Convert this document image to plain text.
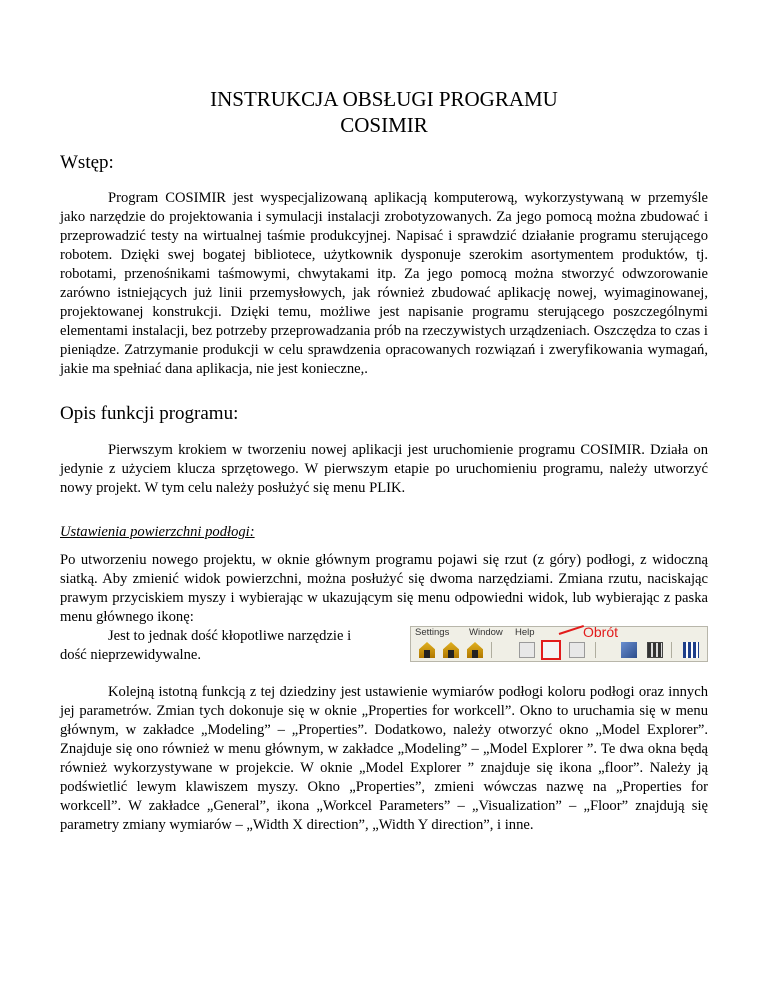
INSTRUKCJA OBSŁUGI PROGRAMU
COSIMIR
Wstęp:

Program COSIMIR jest wyspecjalizowaną aplikacją komputerową, wykorzystywaną w przemyśle jako narzędzie do projektowania i symulacji instalacji zrobotyzowanych. Za jego pomocą można zbudować i przeprowadzić testy na wirtualnej taśmie produkcyjnej. Napisać i sprawdzić działanie programu sterującego robotem. Dzięki swej bogatej bibliotece, użytkownik dysponuje szerokim asortymentem produktów, tj. robotami, przenośnikami taśmowymi, chwytakami itp. Za jego pomocą można stworzyć odwzorowanie zarówno istniejących już linii przemysłowych, jak również zbudować aplikację nowej, wyimaginowanej, projektowanej konstrukcji. Dzięki temu, możliwe jest napisanie programu sterującego poszczególnymi elementami instalacji, bez potrzeby przeprowadzania prób na rzeczywistych urządzeniach. Oszczędza to czas i pieniądze. Zatrzymanie produkcji w celu sprawdzenia opracowanych rozwiązań i zweryfikowania wymagań, jakie ma spełniać dana aplikacja, nie jest konieczne,.

Opis funkcji programu:

Pierwszym krokiem w tworzeniu nowej aplikacji jest uruchomienie programu COSIMIR. Działa on jedynie z użyciem klucza sprzętowego. W pierwszym etapie po uruchomieniu programu, należy utworzyć nowy projekt. W tym celu należy posłużyć się menu PLIK.

Ustawienia powierzchni podłogi:

Po utworzeniu nowego projektu, w oknie głównym programu pojawi się rzut (z góry) podłogi, z widoczną siatką. Aby zmienić widok powierzchni, można posłużyć się dwoma narzędziami. Zmiana rzutu, naciskając prawym przyciskiem myszy i wybierając w ukazującym się menu odpowiedni widok, lub wybierając z paska menu głównego ikonę:

Jest to jednak dość kłopotliwe narzędzie i
dość nieprzewidywalne.
Settings Window Help	Obrót

Kolejną istotną funkcją z tej dziedziny jest ustawienie wymiarów podłogi koloru podłogi oraz innych jej parametrów. Zmian tych dokonuje się w oknie „Properties for workcell”. Okno to uruchamia się w menu głównym, w zakładce „Modeling” – „Properties”. Dodatkowo, należy otworzyć okno „Model Explorer”. Znajduje się ono również w menu głównym, w zakładce „Modeling” – „Model Explorer ”. Te dwa okna będą również wykorzystywane w projekcie. W oknie „Model Explorer ” znajduje się ikona „floor”. Należy ją podświetlić lewym klawiszem myszy. Okno „Properties”, zmieni wówczas nazwę na „Properties for workcell”. W zakładce „General”, ikona „Workcel Parameters” – „Visualization” – „Floor” znajdują się parametry zmiany wymiarów – „Width X direction”, „Width Y direction”, i inne.
